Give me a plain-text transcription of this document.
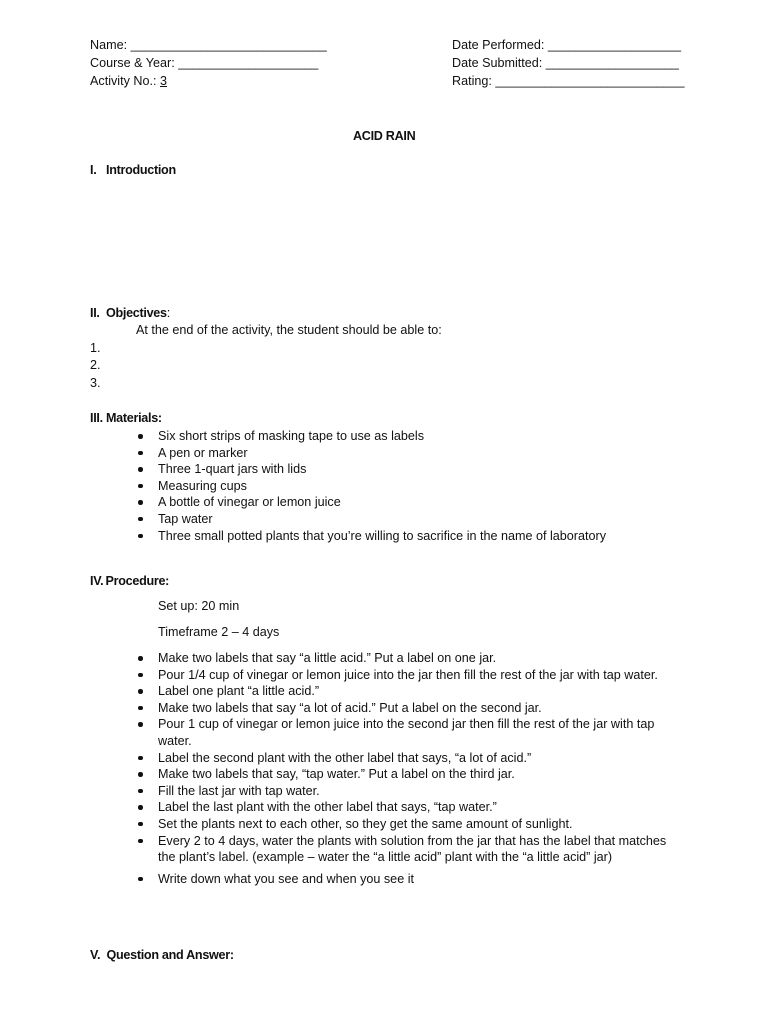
Name: ____________________________
Course & Year: ____________________
Activity No.: 3
Date Performed: ___________________
Date Submitted: ___________________
Rating: ___________________________
ACID RAIN
I.   Introduction
II.  Objectives:
At the end of the activity, the student should be able to:
1.
2.
3.
III. Materials:
Six short strips of masking tape to use as labels
A pen or marker
Three 1-quart jars with lids
Measuring cups
A bottle of vinegar or lemon juice
Tap water
Three small potted plants that you’re willing to sacrifice in the name of laboratory
IV. Procedure:
Set up: 20 min
Timeframe 2 – 4 days
Make two labels that say “a little acid.” Put a label on one jar.
Pour 1/4 cup of vinegar or lemon juice into the jar then fill the rest of the jar with tap water.
Label one plant “a little acid.”
Make two labels that say “a lot of acid.” Put a label on the second jar.
Pour 1 cup of vinegar or lemon juice into the second jar then fill the rest of the jar with tap water.
Label the second plant with the other label that says, “a lot of acid.”
Make two labels that say, “tap water.” Put a label on the third jar.
Fill the last jar with tap water.
Label the last plant with the other label that says, “tap water.”
Set the plants next to each other, so they get the same amount of sunlight.
Every 2 to 4 days, water the plants with solution from the jar that has the label that matches the plant’s label. (example – water the “a little acid” plant with the “a little acid” jar)
Write down what you see and when you see it
V.  Question and Answer:
